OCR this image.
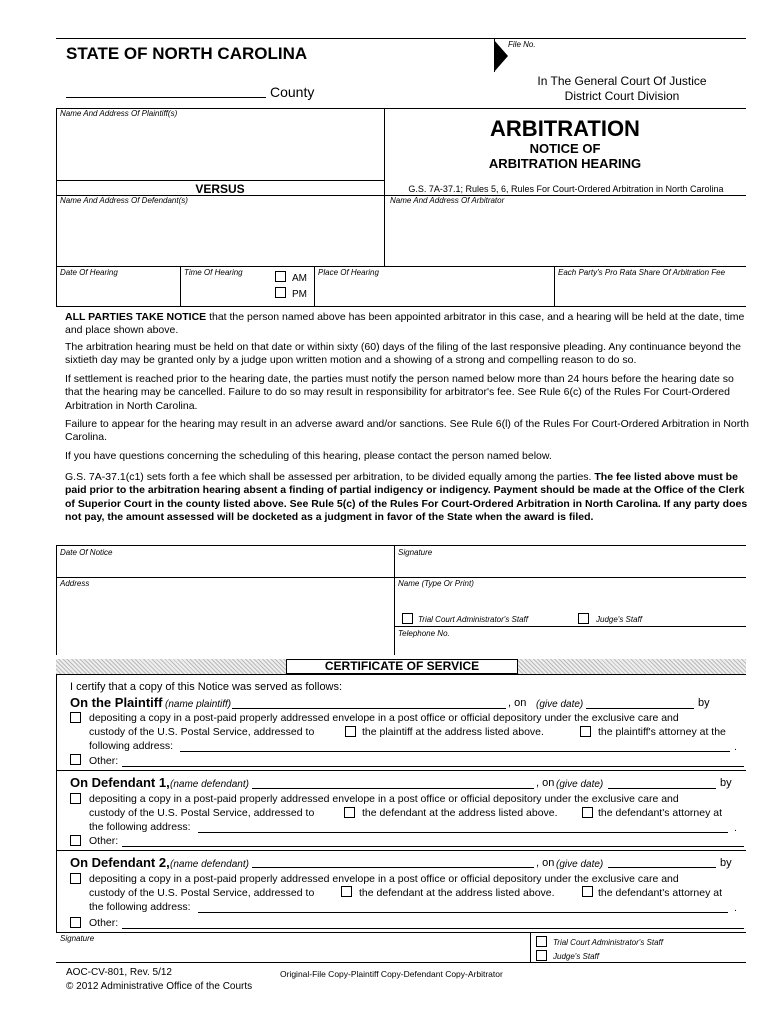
STATE OF NORTH CAROLINA
County
File No.
In The General Court Of Justice
District Court Division
Name And Address Of Plaintiff(s)
ARBITRATION
NOTICE OF
ARBITRATION HEARING
VERSUS	G.S. 7A-37.1; Rules 5, 6, Rules For Court-Ordered Arbitration in North Carolina
Name And Address Of Defendant(s)	Name And Address Of Arbitrator
Date Of Hearing	Time Of Hearing
AM
PM
Place Of Hearing	Each Party's Pro Rata Share Of Arbitration Fee
ALL PARTIES TAKE NOTICE that the person named above has been appointed arbitrator in this case, and a hearing will be held at the date, time and place shown above.
The arbitration hearing must be held on that date or within sixty (60) days of the filing of the last responsive pleading. Any continuance beyond the sixtieth day may be granted only by a judge upon written motion and a showing of a strong and compelling reason to do so.
If settlement is reached prior to the hearing date, the parties must notify the person named below more than 24 hours before the hearing date so that the hearing may be cancelled. Failure to do so may result in responsibility for arbitrator's fee. See Rule 6(c) of the Rules For Court-Ordered Arbitration in North Carolina.
Failure to appear for the hearing may result in an adverse award and/or sanctions. See Rule 6(l) of the Rules For Court-Ordered Arbitration in North Carolina.
If you have questions concerning the scheduling of this hearing, please contact the person named below.
G.S. 7A-37.1(c1) sets forth a fee which shall be assessed per arbitration, to be divided equally among the parties. The fee listed above must be paid prior to the arbitration hearing absent a finding of partial indigency or indigency. Payment should be made at the Office of the Clerk of Superior Court in the county listed above. See Rule 5(c) of the Rules For Court-Ordered Arbitration in North Carolina. If any party does not pay, the amount assessed will be docketed as a judgment in favor of the State when the award is filed.
Date Of Notice	Signature
Address	Name (Type Or Print)
Trial Court Administrator's Staff	Judge's Staff
Telephone No.
CERTIFICATE OF SERVICE
I certify that a copy of this Notice was served as follows:
On the Plaintiff (name plaintiff)	, on (give date)	by
depositing a copy in a post-paid properly addressed envelope in a post office or official depository under the exclusive care and
custody of the U.S. Postal Service, addressed to	the plaintiff at the address listed above.	the plaintiff's attorney at the
following address:	.
Other:
On Defendant 1, (name defendant)	, on (give date)	by
depositing a copy in a post-paid properly addressed envelope in a post office or official depository under the exclusive care and
custody of the U.S. Postal Service, addressed to	the defendant at the address listed above.	the defendant's attorney at
the following address:	.
Other:
On Defendant 2, (name defendant)	, on (give date)	by
depositing a copy in a post-paid properly addressed envelope in a post office or official depository under the exclusive care and
custody of the U.S. Postal Service, addressed to	the defendant at the address listed above.	the defendant's attorney at
the following address:	.
Other:
Signature	Trial Court Administrator's Staff
Judge's Staff
AOC-CV-801, Rev. 5/12
© 2012 Administrative Office of the Courts
Original-File Copy-Plaintiff Copy-Defendant Copy-Arbitrator
